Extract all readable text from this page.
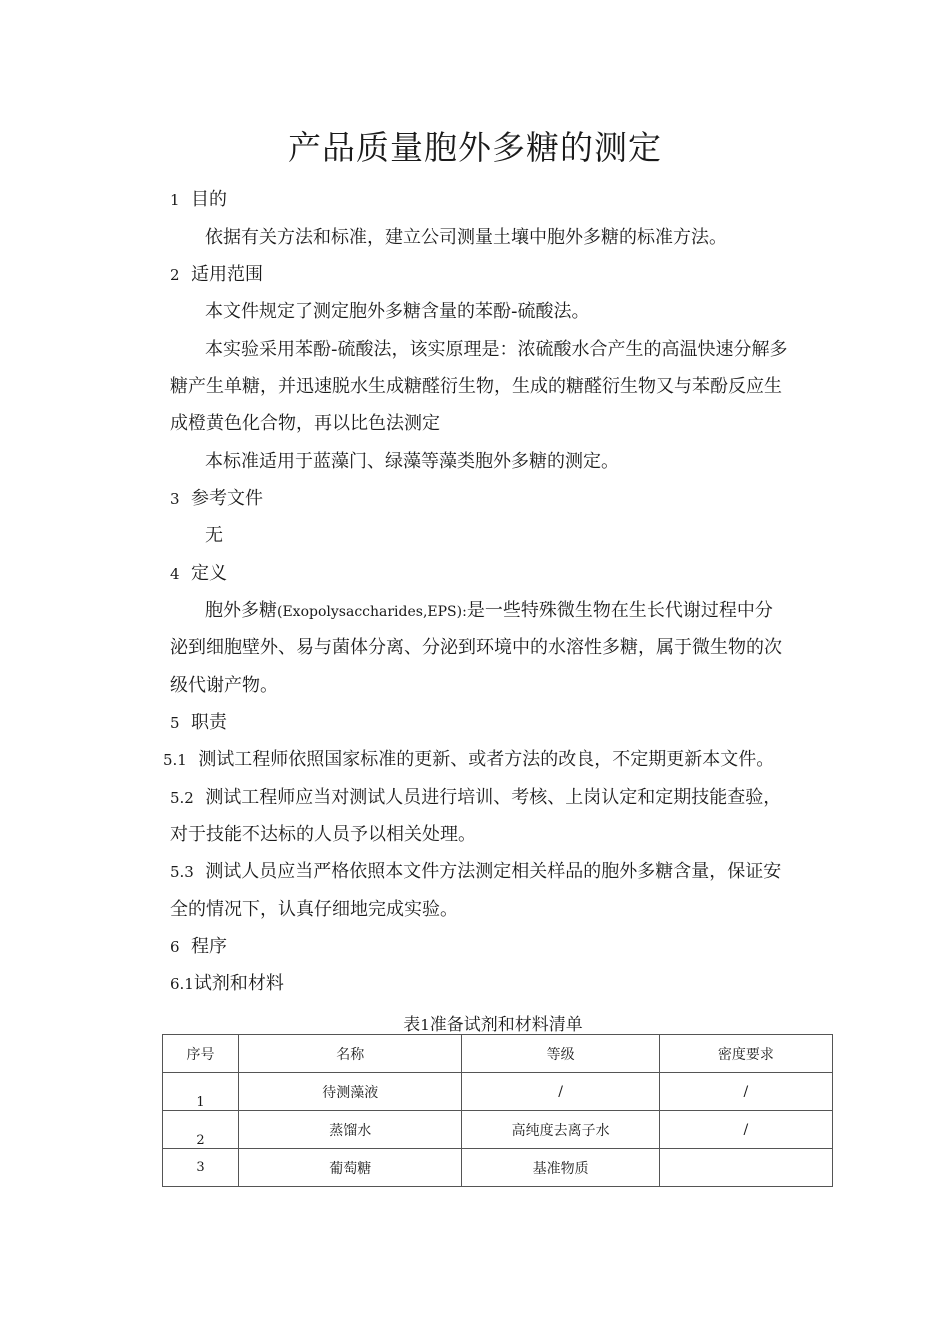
产品质量胞外多糖的测定
1 目的
依据有关方法和标准，建立公司测量土壤中胞外多糖的标准方法。
2 适用范围
本文件规定了测定胞外多糖含量的苯酚-硫酸法。
本实验采用苯酚-硫酸法，该实原理是：浓硫酸水合产生的高温快速分解多
糖产生单糖，并迅速脱水生成糖醛衍生物，生成的糖醛衍生物又与苯酚反应生
成橙黄色化合物，再以比色法测定
本标准适用于蓝藻门、绿藻等藻类胞外多糖的测定。
3 参考文件
无
4 定义
胞外多糖(Exopolysaccharides,EPS):是一些特殊微生物在生长代谢过程中分
泌到细胞壁外、易与菌体分离、分泌到环境中的水溶性多糖，属于微生物的次
级代谢产物。
5 职责
5.1 测试工程师依照国家标准的更新、或者方法的改良，不定期更新本文件。
5.2 测试工程师应当对测试人员进行培训、考核、上岗认定和定期技能查验，
对于技能不达标的人员予以相关处理。
5.3 测试人员应当严格依照本文件方法测定相关样品的胞外多糖含量，保证安
全的情况下，认真仔细地完成实验。
6 程序
6.1试剂和材料
表1准备试剂和材料清单
序号	名称	等级	密度要求
1	待测藻液	/	/
2	蒸馏水	高纯度去离子水	/
3	葡萄糖	基准物质	
